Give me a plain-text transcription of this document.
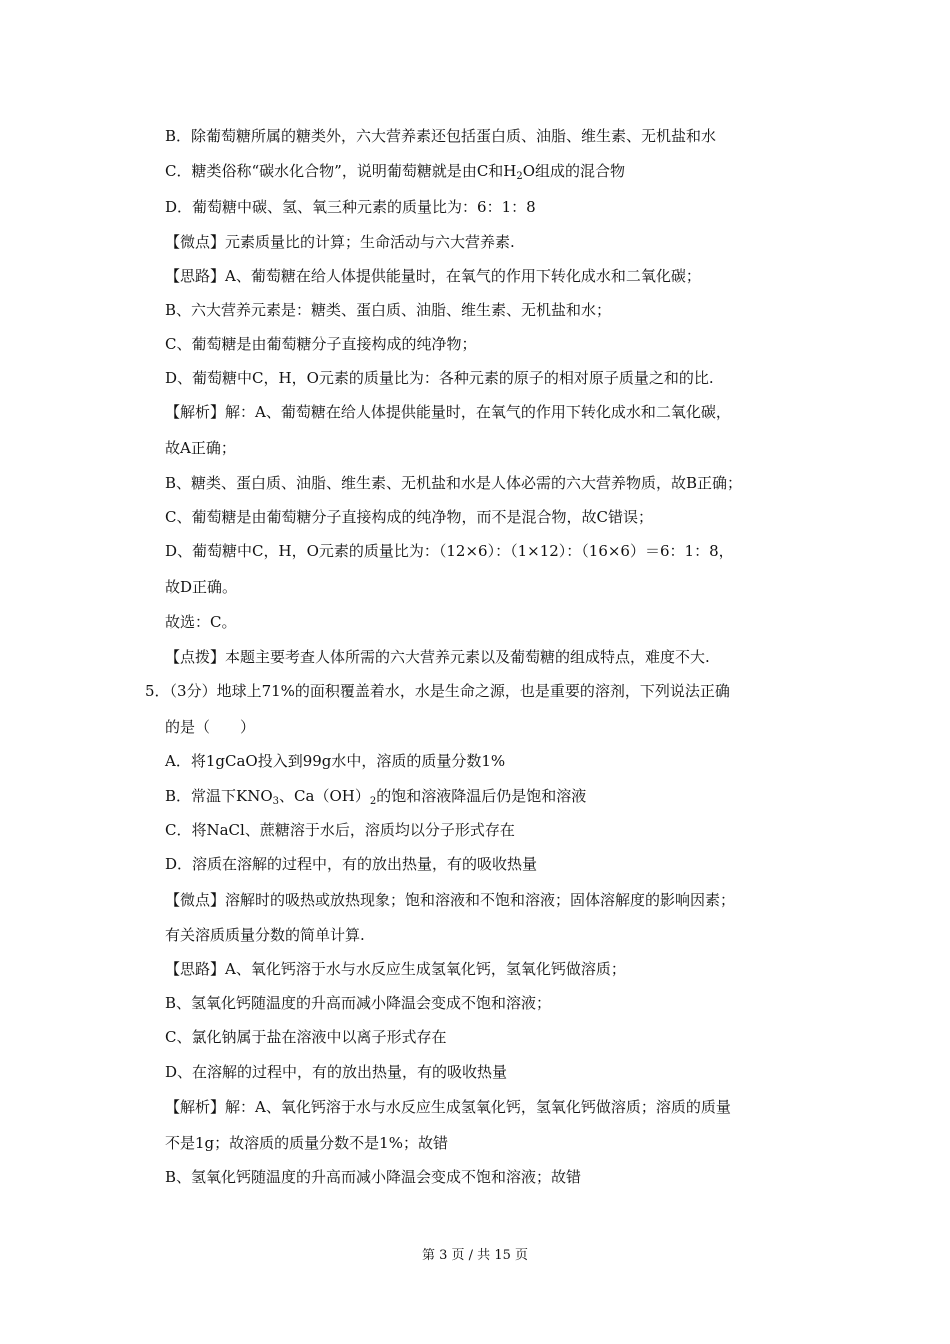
B．除葡萄糖所属的糖类外，六大营养素还包括蛋白质、油脂、维生素、无机盐和水
C．糖类俗称“碳水化合物”，说明葡萄糖就是由C和$H_2O$组成的混合物
D．葡萄糖中碳、氢、氧三种元素的质量比为：6：1：8
【微点】元素质量比的计算；生命活动与六大营养素.
【思路】A、葡萄糖在给人体提供能量时，在氧气的作用下转化成水和二氧化碳；
B、六大营养元素是：糖类、蛋白质、油脂、维生素、无机盐和水；
C、葡萄糖是由葡萄糖分子直接构成的纯净物；
D、葡萄糖中C，H，O元素的质量比为：各种元素的原子的相对原子质量之和的比.
【解析】解：A、葡萄糖在给人体提供能量时，在氧气的作用下转化成水和二氧化碳，
故A正确；
B、糖类、蛋白质、油脂、维生素、无机盐和水是人体必需的六大营养物质，故B正确；
C、葡萄糖是由葡萄糖分子直接构成的纯净物，而不是混合物，故C错误；
D、葡萄糖中C，H，O元素的质量比为：（12×6）：（1×12）：（16×6）＝6：1：8，
故D正确。
故选：C。
【点拨】本题主要考查人体所需的六大营养元素以及葡萄糖的组成特点，难度不大.
5．（3分）地球上71%的面积覆盖着水，水是生命之源，也是重要的溶剂，下列说法正确
的是（　　）
A．将1gCaO投入到99g水中，溶质的质量分数1%
B．常温下$KNO_3$、$Ca(OH)_2$的饱和溶液降温后仍是饱和溶液
C．将NaCl、蔗糖溶于水后，溶质均以分子形式存在
D．溶质在溶解的过程中，有的放出热量，有的吸收热量
【微点】溶解时的吸热或放热现象；饱和溶液和不饱和溶液；固体溶解度的影响因素；
有关溶质质量分数的简单计算.
【思路】A、氧化钙溶于水与水反应生成氢氧化钙，氢氧化钙做溶质；
B、氢氧化钙随温度的升高而减小降温会变成不饱和溶液；
C、氯化钠属于盐在溶液中以离子形式存在
D、在溶解的过程中，有的放出热量，有的吸收热量
【解析】解：A、氧化钙溶于水与水反应生成氢氧化钙，氢氧化钙做溶质；溶质的质量
不是1g；故溶质的质量分数不是1%；故错
B、氢氧化钙随温度的升高而减小降温会变成不饱和溶液；故错
第 3 页 / 共 15 页
